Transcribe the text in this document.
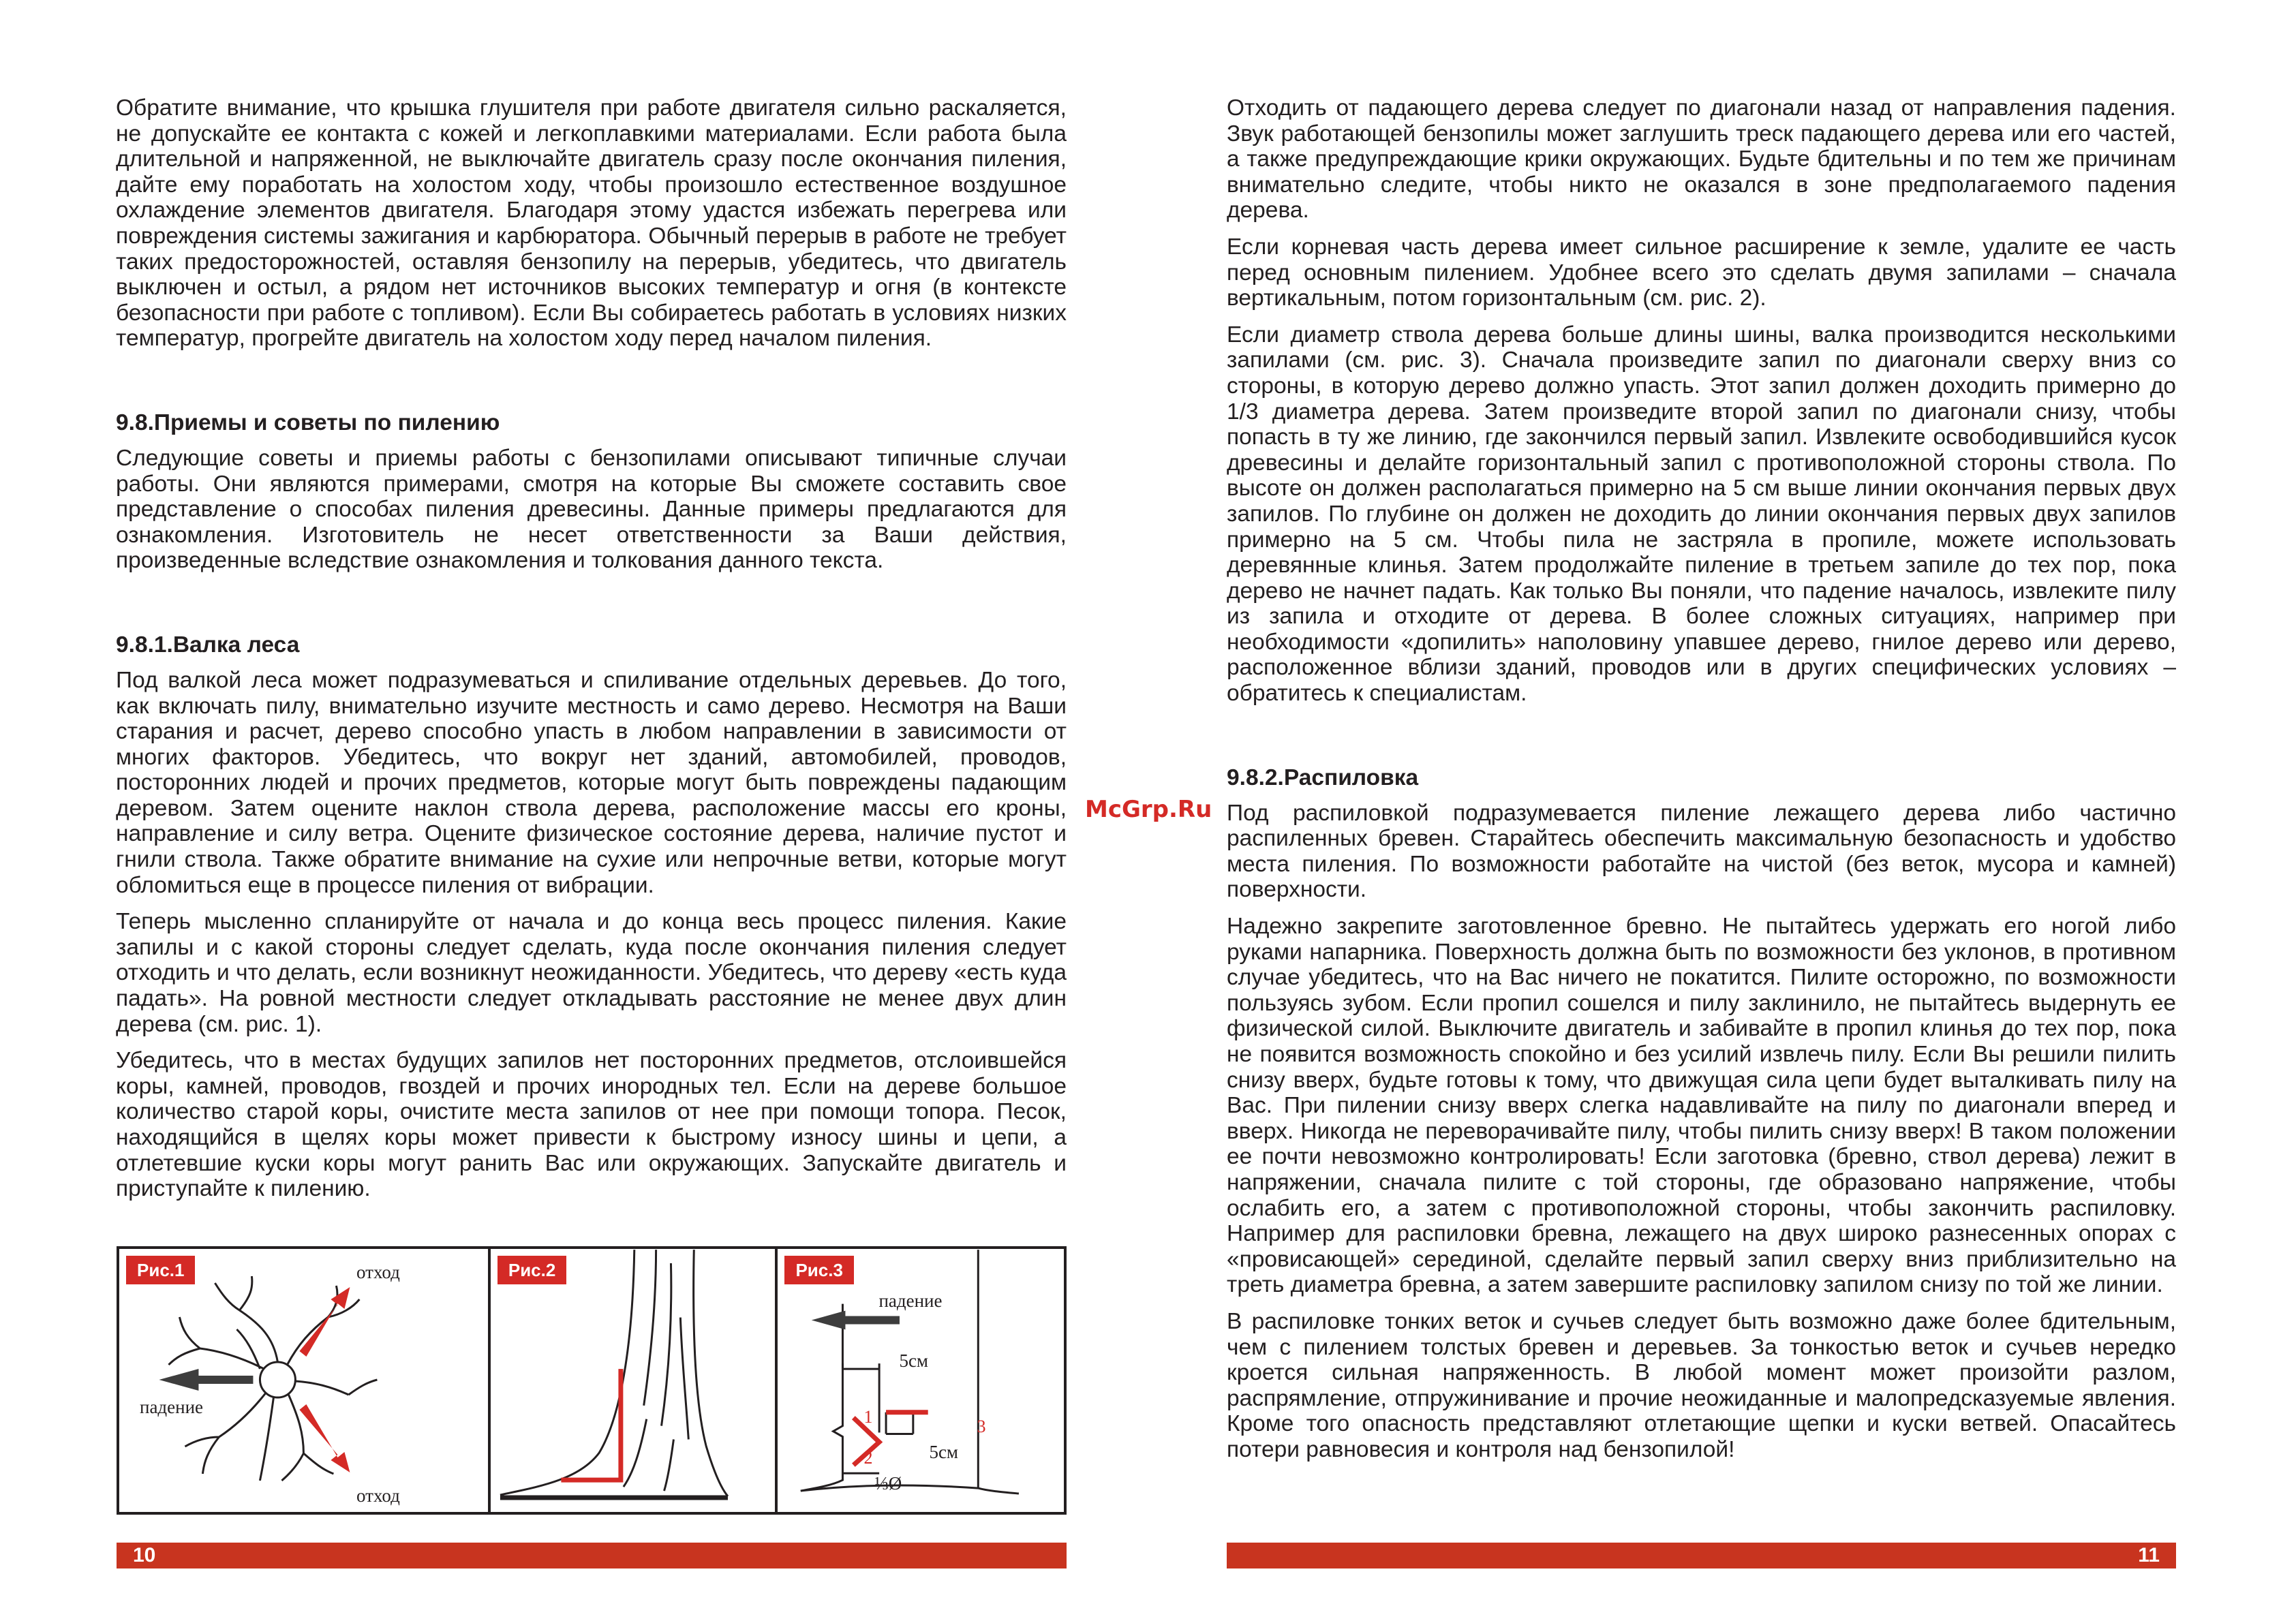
Обратите внимание, что крышка глушителя при работе двигателя сильно раскаляется, не допускайте ее контакта с кожей и легкоплавкими материалами. Если работа была длительной и напряженной, не выключайте двигатель сразу после окончания пиления, дайте ему поработать на холостом ходу, чтобы произошло естественное воздушное охлаждение элементов двигателя. Благодаря этому удастся избежать перегрева или повреждения системы зажигания и карбюратора. Обычный перерыв в работе не требует таких предосторожностей, оставляя бензопилу на перерыв, убедитесь, что двигатель выключен и остыл, а рядом нет источников высоких температур и огня (в контексте безопасности при работе с топливом). Если Вы собираетесь работать в условиях низких температур, прогрейте двигатель на холостом ходу перед началом пиления.

9.8.Приемы и советы по пилению

Следующие советы и приемы работы с бензопилами описывают типичные случаи работы. Они являются примерами, смотря на которые Вы сможете составить свое представление о способах пиления древесины. Данные примеры предлагаются для ознакомления. Изготовитель не несет ответственности за Ваши действия, произведенные вследствие ознакомления и толкования данного текста.

9.8.1.Валка леса

Под валкой леса может подразумеваться и спиливание отдельных деревьев. До того, как включать пилу, внимательно изучите местность и само дерево. Несмотря на Ваши старания и расчет, дерево способно упасть в любом направлении в зависимости от многих факторов. Убедитесь, что вокруг нет зданий, автомобилей, проводов, посторонних людей и прочих предметов, которые могут быть повреждены падающим деревом. Затем оцените наклон ствола дерева, расположение массы его кроны, направление и силу ветра. Оцените физическое состояние дерева, наличие пустот и гнили ствола. Также обратите внимание на сухие или непрочные ветви, которые могут обломиться еще в процессе пиления от вибрации.

Теперь мысленно спланируйте от начала и до конца весь процесс пиления. Какие запилы и с какой стороны следует сделать, куда после окончания пиления следует отходить и что делать, если возникнут неожиданности. Убедитесь, что дереву «есть куда падать». На ровной местности следует откладывать расстояние не менее двух длин дерева (см. рис. 1).

Убедитесь, что в местах будущих запилов нет посторонних предметов, отслоившейся коры, камней, проводов, гвоздей и прочих инородных тел. Если на дереве большое количество старой коры, очистите места запилов от нее при помощи топора. Песок, находящийся в щелях коры может привести к быстрому износу шины и цепи, а отлетевшие куски коры могут ранить Вас или окружающих. Запускайте двигатель и приступайте к пилению.

Рис.1	отход
отход
падение
Рис.2	Рис.3
падение
5см
5см
⅓Ø
1
2
3
10
McGrp.Ru

Отходить от падающего дерева следует по диагонали назад от направления падения. Звук работающей бензопилы может заглушить треск падающего дерева или его частей, а также предупреждающие крики окружающих. Будьте бдительны и по тем же причинам внимательно следите, чтобы никто не оказался в зоне предполагаемого падения дерева.

Если корневая часть дерева имеет сильное расширение к земле, удалите ее часть перед основным пилением. Удобнее всего это сделать двумя запилами – сначала вертикальным, потом горизонтальным (см. рис. 2).

Если диаметр ствола дерева больше длины шины, валка производится несколькими запилами (см. рис. 3). Сначала произведите запил по диагонали сверху вниз со стороны, в которую дерево должно упасть. Этот запил должен доходить примерно до 1/3 диаметра дерева. Затем произведите второй запил по диагонали снизу, чтобы попасть в ту же линию, где закончился первый запил. Извлеките освободившийся кусок древесины и делайте горизонтальный запил с противоположной стороны ствола. По высоте он должен располагаться примерно на 5 см выше линии окончания первых двух запилов. По глубине он должен не доходить до линии окончания первых двух запилов примерно на 5 см. Чтобы пила не застряла в пропиле, можете использовать деревянные клинья. Затем продолжайте пиление в третьем запиле до тех пор, пока дерево не начнет падать. Как только Вы поняли, что падение началось, извлеките пилу из запила и отходите от дерева. В более сложных ситуациях, например при необходимости «допилить» наполовину упавшее дерево, гнилое дерево или дерево, расположенное вблизи зданий, проводов или в других специфических условиях – обратитесь к специалистам.

9.8.2.Распиловка

Под распиловкой подразумевается пиление лежащего дерева либо частично распиленных бревен. Старайтесь обеспечить максимальную безопасность и удобство места пиления. По возможности работайте на чистой (без веток, мусора и камней) поверхности.

Надежно закрепите заготовленное бревно. Не пытайтесь удержать его ногой либо руками напарника. Поверхность должна быть по возможности без уклонов, в противном случае убедитесь, что на Вас ничего не покатится. Пилите осторожно, по возможности пользуясь зубом. Если пропил сошелся и пилу заклинило, не пытайтесь выдернуть ее физической силой. Выключите двигатель и забивайте в пропил клинья до тех пор, пока не появится возможность спокойно и без усилий извлечь пилу. Если Вы решили пилить снизу вверх, будьте готовы к тому, что движущая сила цепи будет выталкивать пилу на Вас. При пилении снизу вверх слегка надавливайте на пилу по диагонали вперед и вверх. Никогда не переворачивайте пилу, чтобы пилить снизу вверх! В таком положении ее почти невозможно контролировать! Если заготовка (бревно, ствол дерева) лежит в напряжении, сначала пилите с той стороны, где образовано напряжение, чтобы ослабить его, а затем с противоположной стороны, чтобы закончить распиловку. Например для распиловки бревна, лежащего на двух широко разнесенных опорах с «провисающей» серединой, сделайте первый запил сверху вниз приблизительно на треть диаметра бревна, а затем завершите распиловку запилом снизу по той же линии.

В распиловке тонких веток и сучьев следует быть возможно даже более бдительным, чем с пилением толстых бревен и деревьев. За тонкостью веток и сучьев нередко кроется сильная напряженность. В любой момент может произойти разлом, распрямление, отпружинивание и прочие неожиданные и малопредсказуемые явления. Кроме того опасность представляют отлетающие щепки и куски ветвей. Опасайтесь потери равновесия и контроля над бензопилой!

11
